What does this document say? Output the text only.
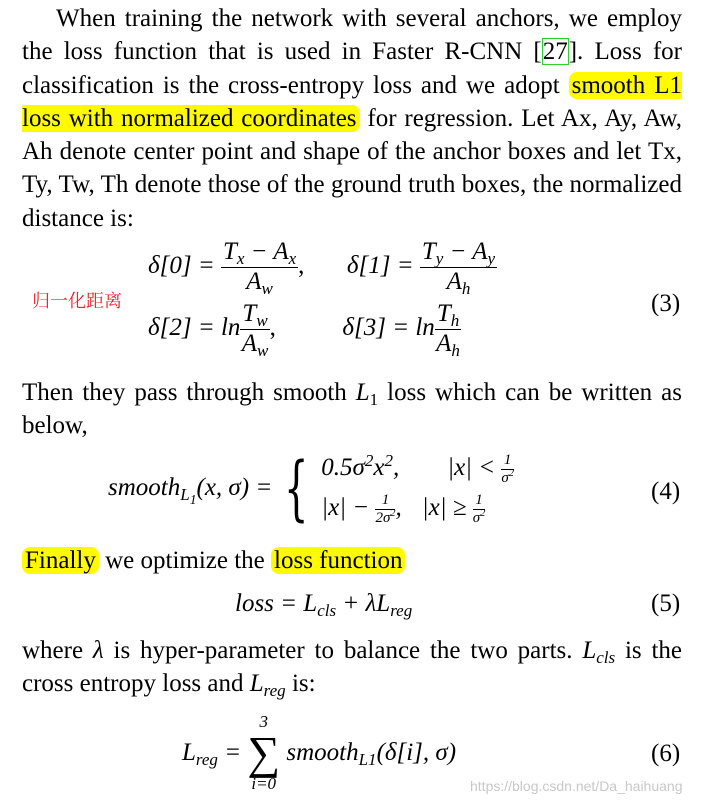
When training the network with several anchors, we employ the loss function that is used in Faster R-CNN [27]. Loss for classification is the cross-entropy loss and we adopt smooth L1 loss with normalized coordinates for regression. Let Ax, Ay, Aw, Ah denote center point and shape of the anchor boxes and let Tx, Ty, Tw, Th denote those of the ground truth boxes, the normalized distance is:
归一化距离
$\delta[0] = \frac{T_x - A_x}{A_w}$ ,  $\delta[1] = \frac{T_y - A_y}{A_h}$
$\delta[2] = \ln \frac{T_w}{A_w}$ ,  $\delta[3] = \ln \frac{T_h}{A_h}$	(3)
Then they pass through smooth $L_1$ loss which can be written as below,
smooth$_{L_1}$(x, σ) = { $0.5\sigma^2x^2$, $|x| < \frac{1}{\sigma^2}$
$|x| - \frac{1}{2\sigma^2}$ , $|x| \ge \frac{1}{\sigma^2}$
(4)
Finally we optimize the loss function
loss = $L_{cls} + \lambda L_{reg}$	(5)
where λ is hyper-parameter to balance the two parts. $L_{cls}$ is the cross entropy loss and $L_{reg}$ is:
$L_{reg}$ =
3
∑
i=0
smooth$_{L1}$(δ[i], σ)	(6)
https://blog.csdn.net/Da_haihuang
